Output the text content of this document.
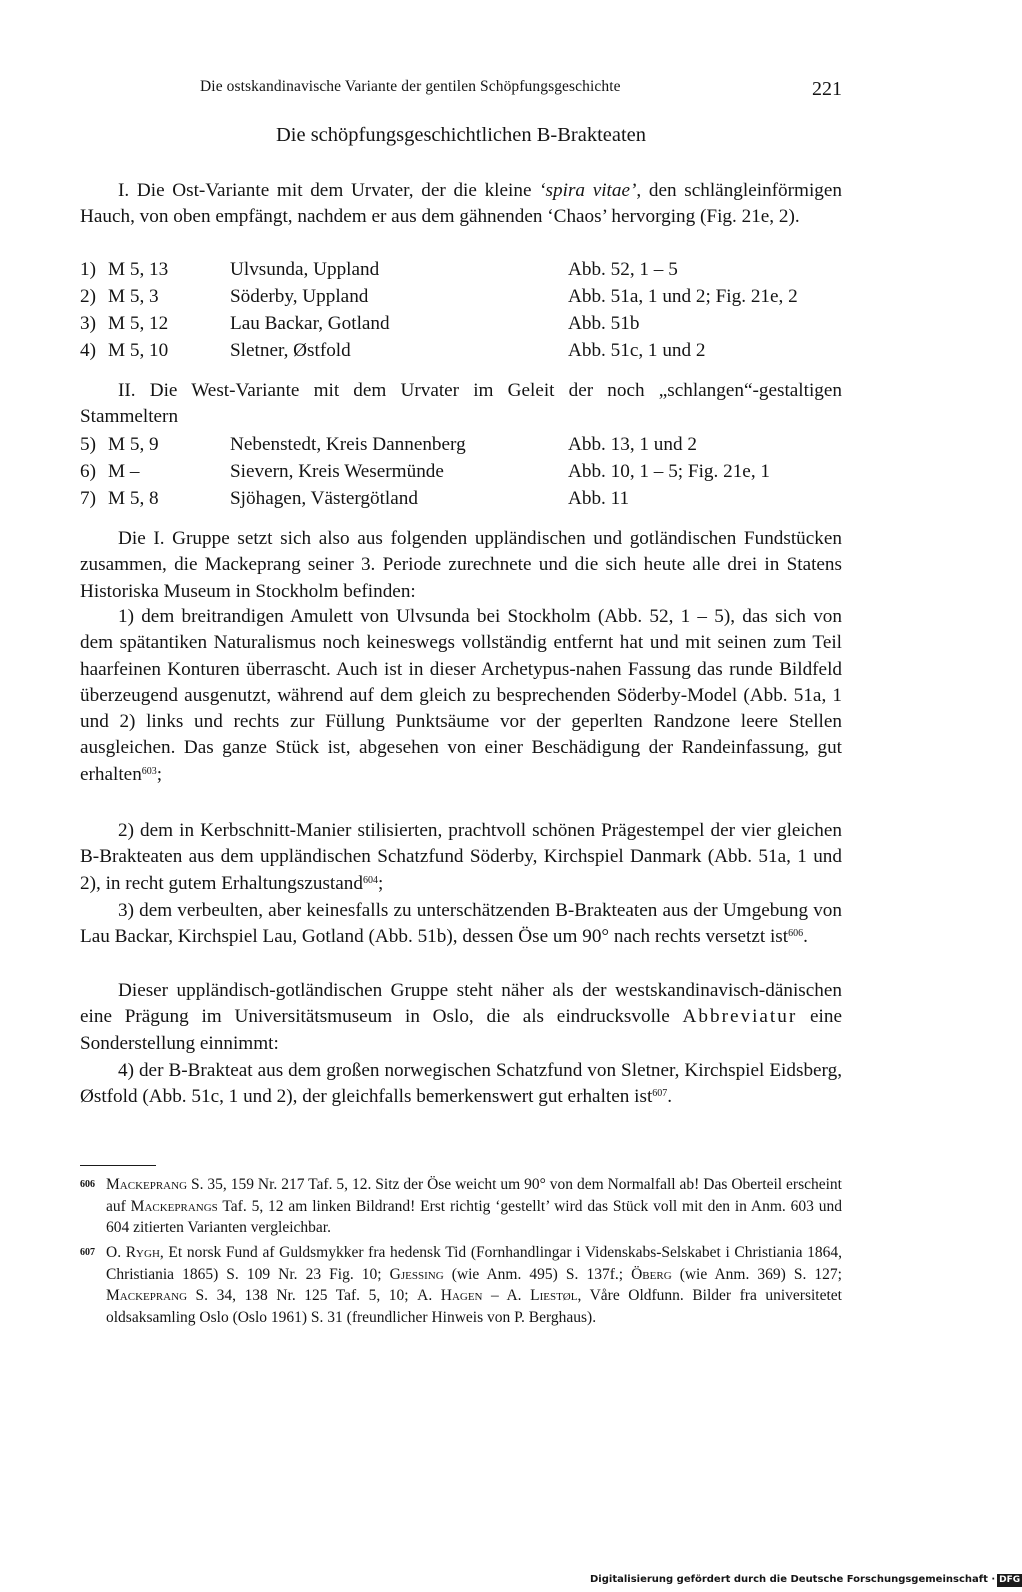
Die ostskandinavische Variante der gentilen Schöpfungsgeschichte	221
Die schöpfungsgeschichtlichen B-Brakteaten
I. Die Ost-Variante mit dem Urvater, der die kleine ‘spira vitae’, den schlängleinförmigen Hauch, von oben empfängt, nachdem er aus dem gähnenden ‘Chaos’ hervorging (Fig. 21e, 2).
1) M 5, 13	Ulvsunda, Uppland	Abb. 52, 1 – 5
2) M 5, 3	Söderby, Uppland	Abb. 51a, 1 und 2; Fig. 21e, 2
3) M 5, 12	Lau Backar, Gotland	Abb. 51b
4) M 5, 10	Sletner, Østfold	Abb. 51c, 1 und 2
II. Die West-Variante mit dem Urvater im Geleit der noch „schlangen“-gestaltigen Stammeltern
5) M 5, 9	Nebenstedt, Kreis Dannenberg	Abb. 13, 1 und 2
6) M –	Sievern, Kreis Wesermünde	Abb. 10, 1 – 5; Fig. 21e, 1
7) M 5, 8	Sjöhagen, Västergötland	Abb. 11
Die I. Gruppe setzt sich also aus folgenden uppländischen und gotländischen Fundstücken zusammen, die Mackeprang seiner 3. Periode zurechnete und die sich heute alle drei in Statens Historiska Museum in Stockholm befinden:
1) dem breitrandigen Amulett von Ulvsunda bei Stockholm (Abb. 52, 1 – 5), das sich von dem spätantiken Naturalismus noch keineswegs vollständig entfernt hat und mit seinen zum Teil haarfeinen Konturen überrascht. Auch ist in dieser Archetypus-nahen Fassung das runde Bildfeld überzeugend ausgenutzt, während auf dem gleich zu besprechenden Söderby-Model (Abb. 51a, 1 und 2) links und rechts zur Füllung Punktsäume vor der geperlten Randzone leere Stellen ausgleichen. Das ganze Stück ist, abgesehen von einer Beschädigung der Randeinfassung, gut erhalten$^{603}$;
2) dem in Kerbschnitt-Manier stilisierten, prachtvoll schönen Prägestempel der vier gleichen B-Brakteaten aus dem uppländischen Schatzfund Söderby, Kirchspiel Danmark (Abb. 51a, 1 und 2), in recht gutem Erhaltungszustand$^{604}$;
3) dem verbeulten, aber keinesfalls zu unterschätzenden B-Brakteaten aus der Umgebung von Lau Backar, Kirchspiel Lau, Gotland (Abb. 51b), dessen Öse um 90° nach rechts versetzt ist$^{606}$.
Dieser uppländisch-gotländischen Gruppe steht näher als der westskandinavisch-dänischen eine Prägung im Universitätsmuseum in Oslo, die als eindrucksvolle Abbreviatur eine Sonderstellung einnimmt:
4) der B-Brakteat aus dem großen norwegischen Schatzfund von Sletner, Kirchspiel Eidsberg, Østfold (Abb. 51c, 1 und 2), der gleichfalls bemerkenswert gut erhalten ist$^{607}$.
606 Mackeprang S. 35, 159 Nr. 217 Taf. 5, 12. Sitz der Öse weicht um 90° von dem Normalfall ab! Das Oberteil erscheint auf Mackeprangs Taf. 5, 12 am linken Bildrand! Erst richtig ‘gestellt’ wird das Stück voll mit den in Anm. 603 und 604 zitierten Varianten vergleichbar.
607 O. Rygh, Et norsk Fund af Guldsmykker fra hedensk Tid (Fornhandlingar i Videnskabs-Selskabet i Christiania 1864, Christiania 1865) S. 109 Nr. 23 Fig. 10; Gjessing (wie Anm. 495) S. 137f.; Öberg (wie Anm. 369) S. 127; Mackeprang S. 34, 138 Nr. 125 Taf. 5, 10; A. Hagen – A. Liestøl, Våre Oldfunn. Bilder fra universitetet oldsaksamling Oslo (Oslo 1961) S. 31 (freundlicher Hinweis von P. Berghaus).
Digitalisierung gefördert durch die Deutsche Forschungsgemeinschaft · DFG
